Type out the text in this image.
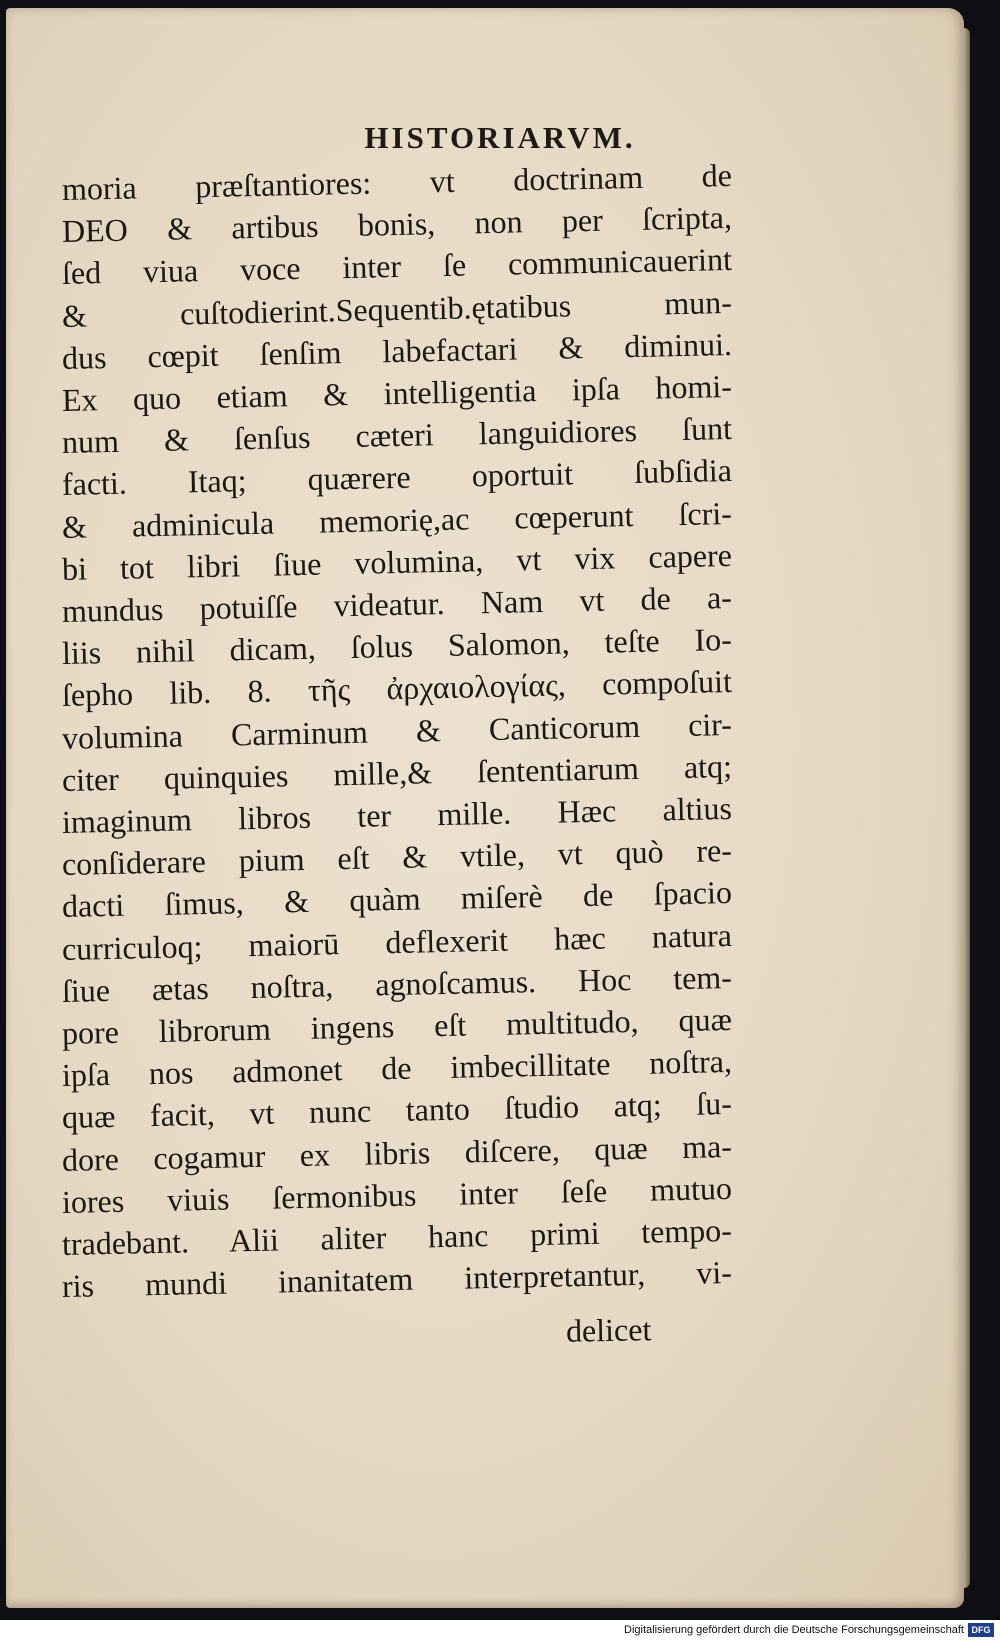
HISTORIARVM.
moria præſtantiores: vt doctrinam de
DEO & artibus bonis, non per ſcripta,
ſed viua voce inter ſe communicauerint
& cuſtodierint.Sequentib.ętatibus mun-
dus cœpit ſenſim labefactari & diminui.
Ex quo etiam & intelligentia ipſa homi-
num & ſenſus cæteri languidiores ſunt
facti. Itaq; quærere oportuit ſubſidia
& adminicula memorię,ac cœperunt ſcri-
bi tot libri ſiue volumina, vt vix capere
mundus potuiſſe videatur. Nam vt de a-
liis nihil dicam, ſolus Salomon, teſte Io-
ſepho lib. 8. τῆς ἀρχαιολογίας, compoſuit
volumina Carminum & Canticorum cir-
citer quinquies mille,& ſententiarum atq;
imaginum libros ter mille. Hæc altius
conſiderare pium eſt & vtile, vt quò re-
dacti ſimus, & quàm miſerè de ſpacio
curriculoq; maiorū deflexerit hæc natura
ſiue ætas noſtra, agnoſcamus. Hoc tem-
pore librorum ingens eſt multitudo, quæ
ipſa nos admonet de imbecillitate noſtra,
quæ facit, vt nunc tanto ſtudio atq; ſu-
dore cogamur ex libris diſcere, quæ ma-
iores viuis ſermonibus inter ſeſe mutuo
tradebant. Alii aliter hanc primi tempo-
ris mundi inanitatem interpretantur, vi-
delicet
Digitalisierung gefördert durch die Deutsche Forschungsgemeinschaft DFG
